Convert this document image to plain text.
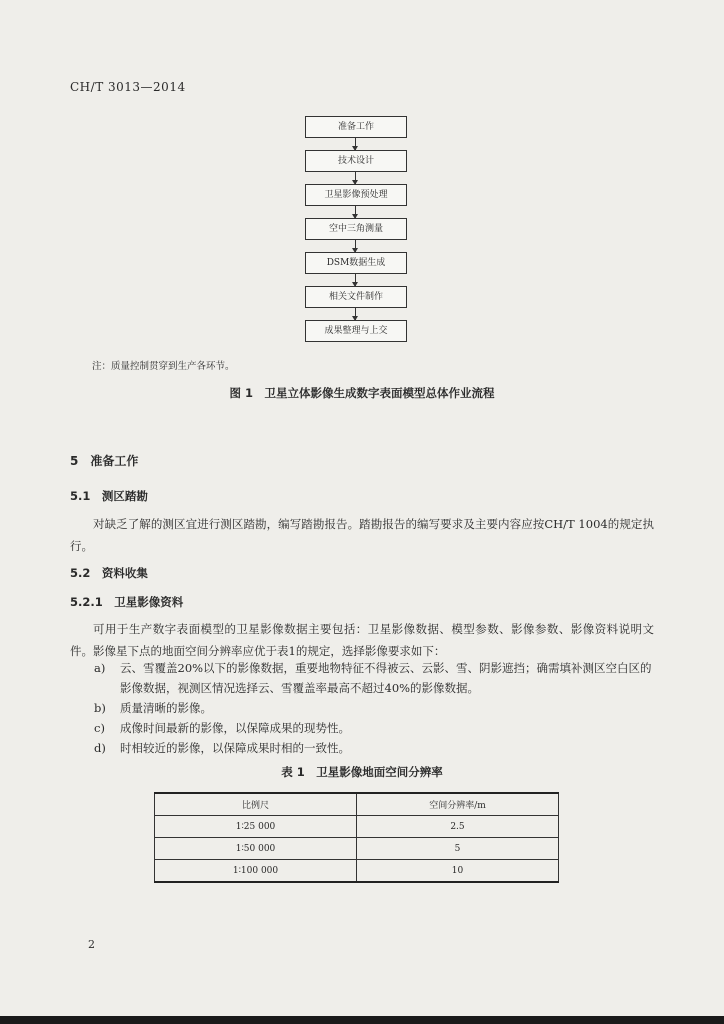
CH/T 3013—2014
准备工作
技术设计
卫星影像预处理
空中三角测量
DSM数据生成
相关文件制作
成果整理与上交
注：质量控制贯穿到生产各环节。
图 1　卫星立体影像生成数字表面模型总体作业流程
5　准备工作
5.1　测区踏勘

对缺乏了解的测区宜进行测区踏勘，编写踏勘报告。踏勘报告的编写要求及主要内容应按CH/T 1004的规定执行。

5.2　资料收集
5.2.1　卫星影像资料

可用于生产数字表面模型的卫星影像数据主要包括：卫星影像数据、模型参数、影像参数、影像资料说明文件。影像星下点的地面空间分辨率应优于表1的规定，选择影像要求如下：

a) 云、雪覆盖20%以下的影像数据，重要地物特征不得被云、云影、雪、阴影遮挡；确需填补测区空白区的影像数据，视测区情况选择云、雪覆盖率最高不超过40%的影像数据。
b) 质量清晰的影像。
c) 成像时间最新的影像，以保障成果的现势性。
d) 时相较近的影像，以保障成果时相的一致性。
表 1　卫星影像地面空间分辨率
比例尺	空间分辨率/m
1∶25 000	2.5
1∶50 000	5
1∶100 000	10
2
